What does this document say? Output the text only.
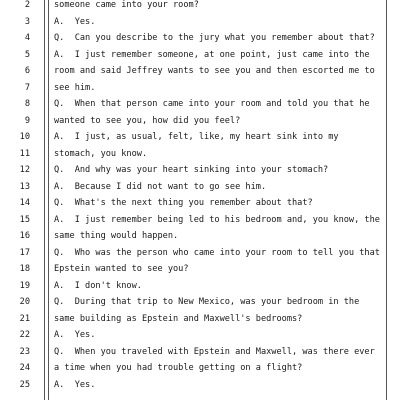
2	someone came into your room?
3	A.  Yes.
4	Q.  Can you describe to the jury what you remember about that?
5	A.  I just remember someone, at one point, just came into the
6	room and said Jeffrey wants to see you and then escorted me to
7	see him.
8	Q.  When that person came into your room and told you that he
9	wanted to see you, how did you feel?
10	A.  I just, as usual, felt, like, my heart sink into my
11	stomach, you know.
12	Q.  And why was your heart sinking into your stomach?
13	A.  Because I did not want to go see him.
14	Q.  What's the next thing you remember about that?
15	A.  I just remember being led to his bedroom and, you know, the
16	same thing would happen.
17	Q.  Who was the person who came into your room to tell you that
18	Epstein wanted to see you?
19	A.  I don't know.
20	Q.  During that trip to New Mexico, was your bedroom in the
21	same building as Epstein and Maxwell's bedrooms?
22	A.  Yes.
23	Q.  When you traveled with Epstein and Maxwell, was there ever
24	a time when you had trouble getting on a flight?
25	A.  Yes.
